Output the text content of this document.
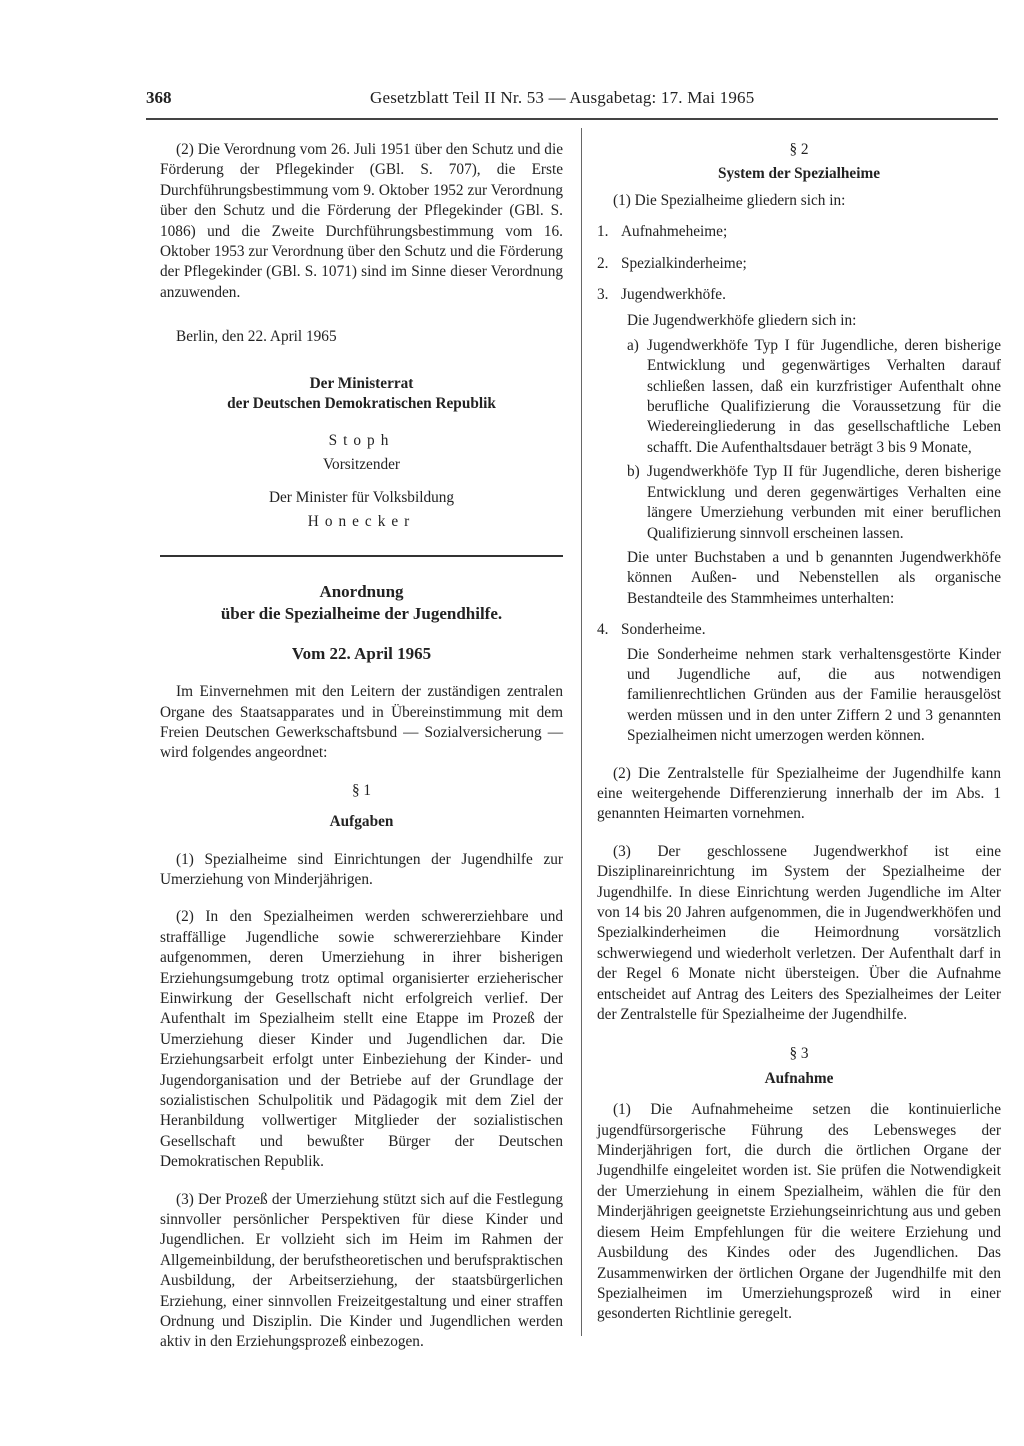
368	Gesetzblatt Teil II Nr. 53 — Ausgabetag: 17. Mai 1965

(2) Die Verordnung vom 26. Juli 1951 über den Schutz und die Förderung der Pflegekinder (GBl. S. 707), die Erste Durchführungsbestimmung vom 9. Oktober 1952 zur Verordnung über den Schutz und die Förderung der Pflegekinder (GBl. S. 1086) und die Zweite Durchführungsbestimmung vom 16. Oktober 1953 zur Verordnung über den Schutz und die Förderung der Pflegekinder (GBl. S. 1071) sind im Sinne dieser Verordnung anzuwenden.

Berlin, den 22. April 1965

Der Ministerrat

der Deutschen Demokratischen Republik

Stoph

Vorsitzender

Der Minister für Volksbildung

Honecker

Anordnung

über die Spezialheime der Jugendhilfe.

Vom 22. April 1965

Im Einvernehmen mit den Leitern der zuständigen zentralen Organe des Staatsapparates und in Übereinstimmung mit dem Freien Deutschen Gewerkschaftsbund — Sozialversicherung — wird folgendes angeordnet:

§ 1

Aufgaben

(1) Spezialheime sind Einrichtungen der Jugendhilfe zur Umerziehung von Minderjährigen.

(2) In den Spezialheimen werden schwererziehbare und straffällige Jugendliche sowie schwererziehbare Kinder aufgenommen, deren Umerziehung in ihrer bisherigen Erziehungsumgebung trotz optimal organisierter erzieherischer Einwirkung der Gesellschaft nicht erfolgreich verlief. Der Aufenthalt im Spezialheim stellt eine Etappe im Prozeß der Umerziehung dieser Kinder und Jugendlichen dar. Die Erziehungsarbeit erfolgt unter Einbeziehung der Kinder- und Jugendorganisation und der Betriebe auf der Grundlage der sozialistischen Schulpolitik und Pädagogik mit dem Ziel der Heranbildung vollwertiger Mitglieder der sozialistischen Gesellschaft und bewußter Bürger der Deutschen Demokratischen Republik.

(3) Der Prozeß der Umerziehung stützt sich auf die Festlegung sinnvoller persönlicher Perspektiven für diese Kinder und Jugendlichen. Er vollzieht sich im Heim im Rahmen der Allgemeinbildung, der berufstheoretischen und berufspraktischen Ausbildung, der Arbeitserziehung, der staatsbürgerlichen Erziehung, einer sinnvollen Freizeitgestaltung und einer straffen Ordnung und Disziplin. Die Kinder und Jugendlichen werden aktiv in den Erziehungsprozeß einbezogen.

§ 2

System der Spezialheime

(1) Die Spezialheime gliedern sich in:

1. Aufnahmeheime;
2. Spezialkinderheime;
3. Jugendwerkhöfe.

Die Jugendwerkhöfe gliedern sich in:

a) Jugendwerkhöfe Typ I für Jugendliche, deren bisherige Entwicklung und gegenwärtiges Verhalten darauf schließen lassen, daß ein kurzfristiger Aufenthalt ohne berufliche Qualifizierung die Voraussetzung für die Wiedereingliederung in das gesellschaftliche Leben schafft. Die Aufenthaltsdauer beträgt 3 bis 9 Monate,
b) Jugendwerkhöfe Typ II für Jugendliche, deren bisherige Entwicklung und deren gegenwärtiges Verhalten eine längere Umerziehung verbunden mit einer beruflichen Qualifizierung sinnvoll erscheinen lassen.

Die unter Buchstaben a und b genannten Jugendwerkhöfe können Außen- und Nebenstellen als organische Bestandteile des Stammheimes unterhalten:

4. Sonderheime.

Die Sonderheime nehmen stark verhaltensgestörte Kinder und Jugendliche auf, die aus notwendigen familienrechtlichen Gründen aus der Familie herausgelöst werden müssen und in den unter Ziffern 2 und 3 genannten Spezialheimen nicht umerzogen werden können.

(2) Die Zentralstelle für Spezialheime der Jugendhilfe kann eine weitergehende Differenzierung innerhalb der im Abs. 1 genannten Heimarten vornehmen.

(3) Der geschlossene Jugendwerkhof ist eine Disziplinareinrichtung im System der Spezialheime der Jugendhilfe. In diese Einrichtung werden Jugendliche im Alter von 14 bis 20 Jahren aufgenommen, die in Jugendwerkhöfen und Spezialkinderheimen die Heimordnung vorsätzlich schwerwiegend und wiederholt verletzen. Der Aufenthalt darf in der Regel 6 Monate nicht übersteigen. Über die Aufnahme entscheidet auf Antrag des Leiters des Spezialheimes der Leiter der Zentralstelle für Spezialheime der Jugendhilfe.

§ 3

Aufnahme

(1) Die Aufnahmeheime setzen die kontinuierliche jugendfürsorgerische Führung des Lebensweges der Minderjährigen fort, die durch die örtlichen Organe der Jugendhilfe eingeleitet worden ist. Sie prüfen die Notwendigkeit der Umerziehung in einem Spezialheim, wählen die für den Minderjährigen geeignetste Erziehungseinrichtung aus und geben diesem Heim Empfehlungen für die weitere Erziehung und Ausbildung des Kindes oder des Jugendlichen. Das Zusammenwirken der örtlichen Organe der Jugendhilfe mit den Spezialheimen im Umerziehungsprozeß wird in einer gesonderten Richtlinie geregelt.
